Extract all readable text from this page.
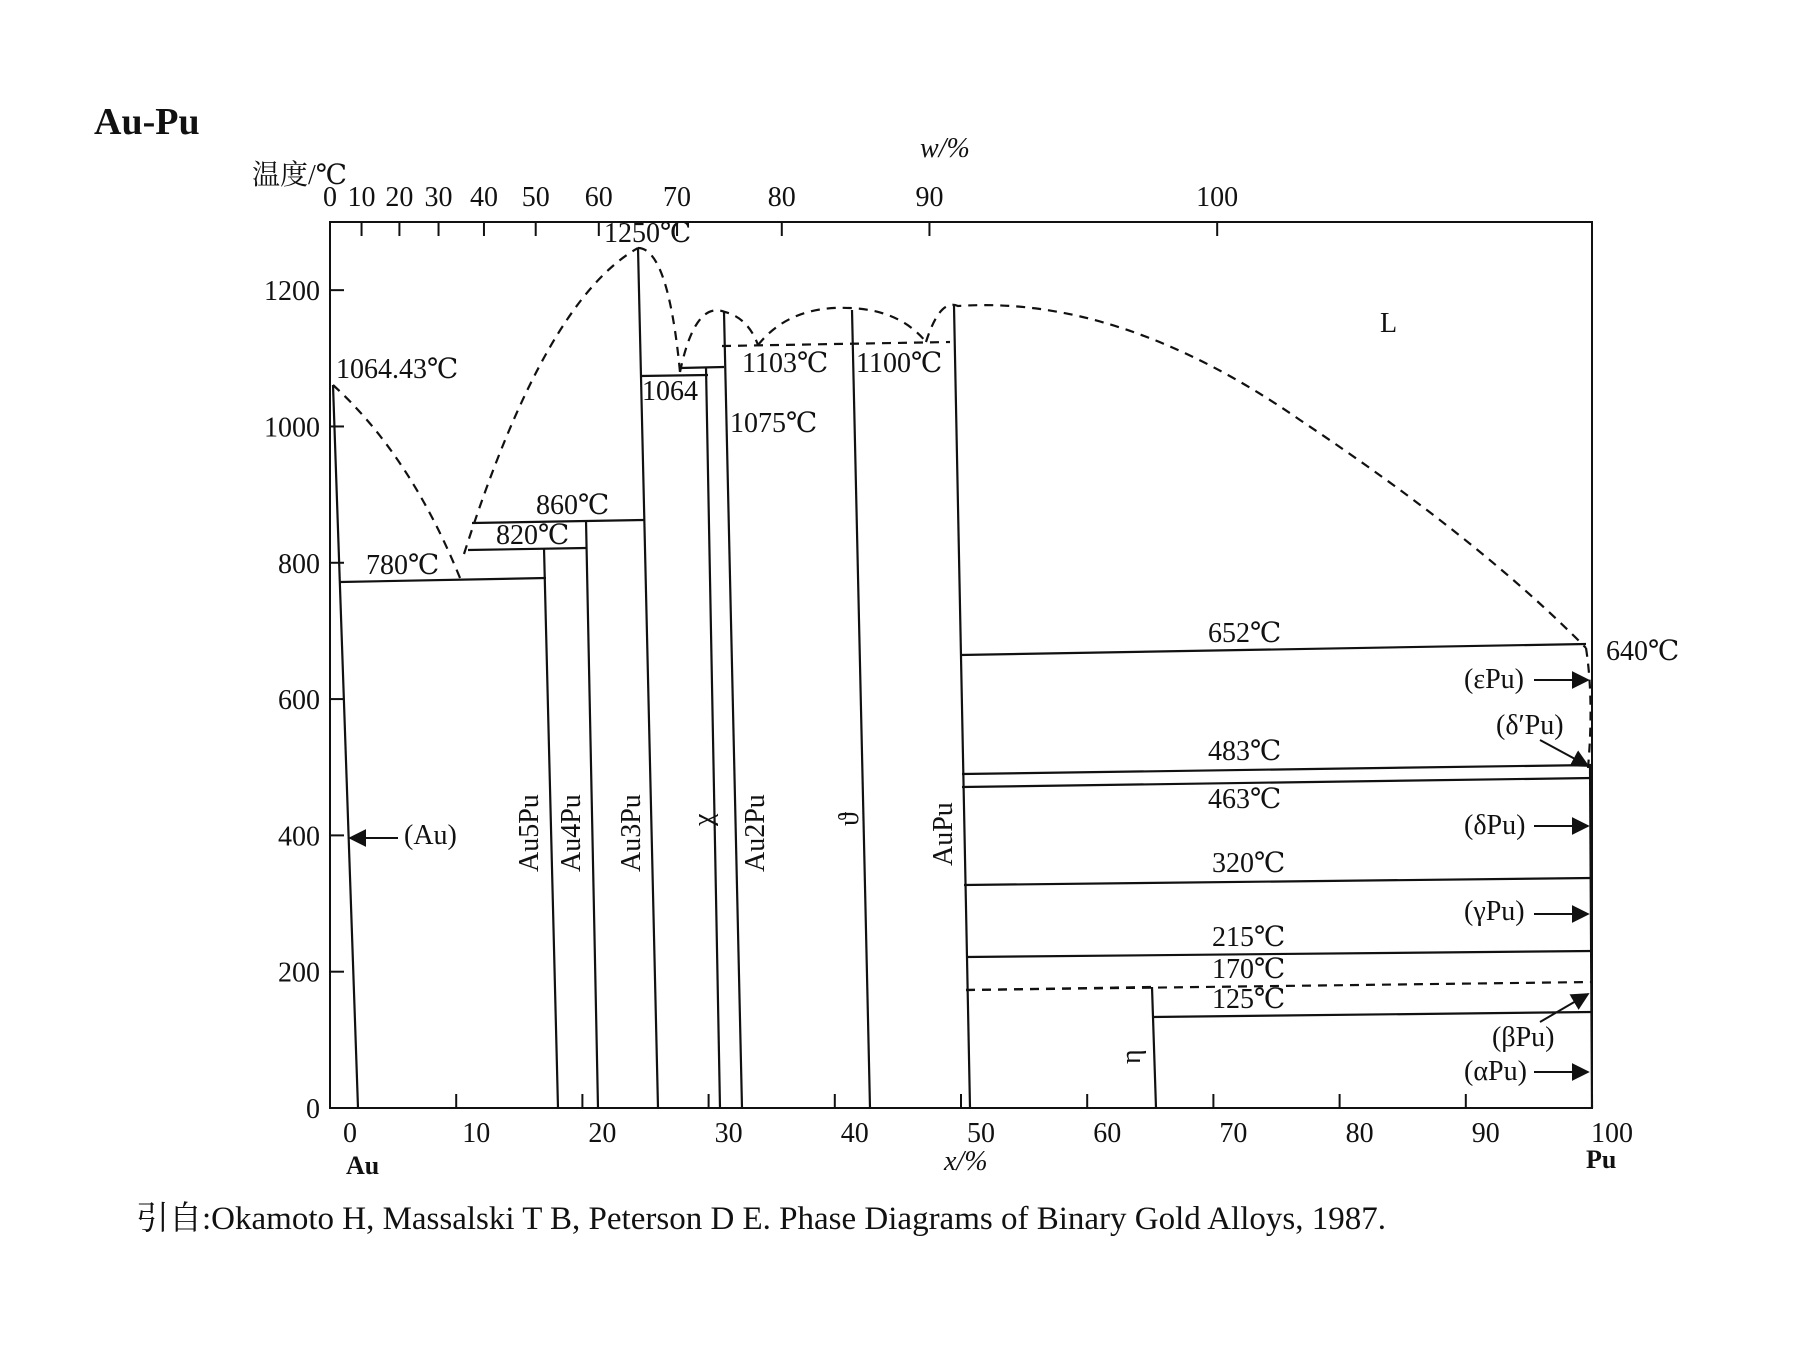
Au-Pu
0
200
400
600
800
1000
1200
0 10 20 30 40 50 60 70	80	90	100
0	10	20	30	40	50	60	70	80	90	100
温度/℃
w/%
x/%
Au	Pu
1064.43℃
1250℃
1064
1075℃
1103℃ 1100℃
860℃
820℃
780℃
652℃
640℃
483℃
463℃
320℃
215℃
170℃
125℃
L
(Au) Au5Pu Au4Pu Au3Pu χ Au2Pu ϑ AuPu
η
(εPu)
(δ′Pu)
(δPu)
(γPu)
(βPu)
(αPu)
引自:Okamoto H, Massalski T B, Peterson D E. Phase Diagrams of Binary Gold Alloys, 1987.
